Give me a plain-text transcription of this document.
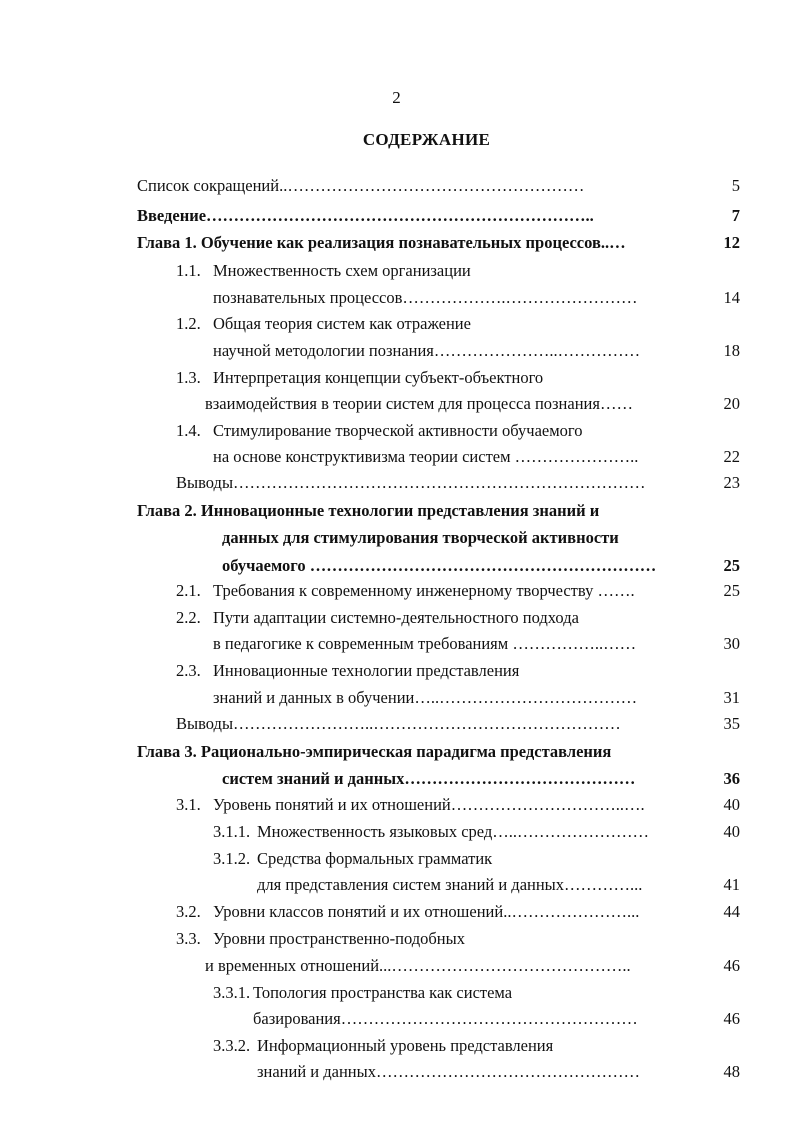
2
СОДЕРЖАНИЕ
Список сокращений..………………………………………………	5
Введение……………………………………………………………..	7
Глава 1. Обучение как реализация познавательных процессов..…	12
1.1. Множественность схем организации
познавательных процессов……………….……………………	14
1.2. Общая теория систем как отражение
научной методологии познания…………………..……………	18
1.3. Интерпретация концепции субъект-объектного
взаимодействия в теории систем для процесса познания……	20
1.4. Стимулирование творческой активности обучаемого
на основе конструктивизма теории систем …………………..	22
Выводы…………………………………………………………………	23
Глава 2. Инновационные технологии представления знаний и
данных для стимулирования творческой активности
обучаемого ………………………………………………………	25
2.1. Требования к современному инженерному творчеству …….	25
2.2. Пути адаптации системно-деятельностного подхода
в педагогике к современным требованиям ……………..……	30
2.3. Инновационные технологии представления
знаний и данных в обучении…..………………………………	31
Выводы……………………..………………………………………	35
Глава 3. Рационально-эмпирическая парадигма представления
систем знаний и данных……………………………………	36
3.1. Уровень понятий и их отношений…………………………..….	40
3.1.1. Множественность языковых сред…..……………………	40
3.1.2. Средства формальных грамматик
для представления систем знаний и данных…………...	41
3.2. Уровни классов понятий и их отношений..…………………...	44
3.3. Уровни пространственно-подобных
и временных отношений...……………………………………..	46
3.3.1. Топология пространства как система
базирования………………………………………………	46
3.3.2. Информационный уровень представления
знаний и данных…………………………………………	48
